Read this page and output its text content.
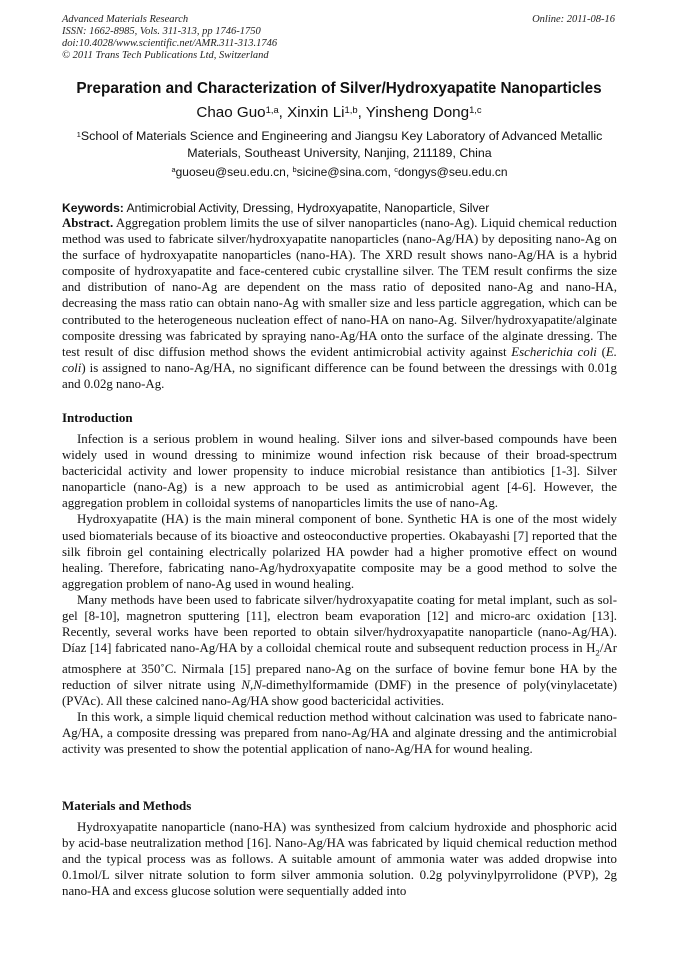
Advanced Materials Research
ISSN: 1662-8985, Vols. 311-313, pp 1746-1750
doi:10.4028/www.scientific.net/AMR.311-313.1746
© 2011 Trans Tech Publications Ltd, Switzerland
Online: 2011-08-16
Preparation and Characterization of Silver/Hydroxyapatite Nanoparticles
Chao Guo$^{1,a}$, Xinxin Li$^{1,b}$, Yinsheng Dong$^{1,c}$
$^1$School of Materials Science and Engineering and Jiangsu Key Laboratory of Advanced Metallic Materials, Southeast University, Nanjing, 211189, China
$^a$guoseu@seu.edu.cn, $^b$sicine@sina.com, $^c$dongys@seu.edu.cn
Keywords: Antimicrobial Activity, Dressing, Hydroxyapatite, Nanoparticle, Silver

Abstract. Aggregation problem limits the use of silver nanoparticles (nano-Ag). Liquid chemical reduction method was used to fabricate silver/hydroxyapatite nanoparticles (nano-Ag/HA) by depositing nano-Ag on the surface of hydroxyapatite nanoparticles (nano-HA). The XRD result shows nano-Ag/HA is a hybrid composite of hydroxyapatite and face-centered cubic crystalline silver. The TEM result confirms the size and distribution of nano-Ag are dependent on the mass ratio of deposited nano-Ag and nano-HA, decreasing the mass ratio can obtain nano-Ag with smaller size and less particle aggregation, which can be contributed to the heterogeneous nucleation effect of nano-HA on nano-Ag. Silver/hydroxyapatite/alginate composite dressing was fabricated by spraying nano-Ag/HA onto the surface of the alginate dressing. The test result of disc diffusion method shows the evident antimicrobial activity against Escherichia coli (E. coli) is assigned to nano-Ag/HA, no significant difference can be found between the dressings with 0.01g and 0.02g nano-Ag.

Introduction

Infection is a serious problem in wound healing. Silver ions and silver-based compounds have been widely used in wound dressing to minimize wound infection risk because of their broad-spectrum bactericidal activity and lower propensity to induce microbial resistance than antibiotics [1-3]. Silver nanoparticle (nano-Ag) is a new approach to be used as antimicrobial agent [4-6]. However, the aggregation problem in colloidal systems of nanoparticles limits the use of nano-Ag.

Hydroxyapatite (HA) is the main mineral component of bone. Synthetic HA is one of the most widely used biomaterials because of its bioactive and osteoconductive properties. Okabayashi [7] reported that the silk fibroin gel containing electrically polarized HA powder had a higher promotive effect on wound healing. Therefore, fabricating nano-Ag/hydroxyapatite composite may be a good method to solve the aggregation problem of nano-Ag used in wound healing.

Many methods have been used to fabricate silver/hydroxyapatite coating for metal implant, such as sol-gel [8-10], magnetron sputtering [11], electron beam evaporation [12] and micro-arc oxidation [13]. Recently, several works have been reported to obtain silver/hydroxyapatite nanoparticle (nano-Ag/HA). Díaz [14] fabricated nano-Ag/HA by a colloidal chemical route and subsequent reduction process in $H_2/Ar$ atmosphere at 350˚C. Nirmala [15] prepared nano-Ag on the surface of bovine femur bone HA by the reduction of silver nitrate using N,N-dimethylformamide (DMF) in the presence of poly(vinylacetate) (PVAc). All these calcined nano-Ag/HA show good bactericidal activities.

In this work, a simple liquid chemical reduction method without calcination was used to fabricate nano-Ag/HA, a composite dressing was prepared from nano-Ag/HA and alginate dressing and the antimicrobial activity was presented to show the potential application of nano-Ag/HA for wound healing.

Materials and Methods

Hydroxyapatite nanoparticle (nano-HA) was synthesized from calcium hydroxide and phosphoric acid by acid-base neutralization method [16]. Nano-Ag/HA was fabricated by liquid chemical reduction method and the typical process was as follows. A suitable amount of ammonia water was added dropwise into 0.1mol/L silver nitrate solution to form silver ammonia solution. 0.2g polyvinylpyrrolidone (PVP), 2g nano-HA and excess glucose solution were sequentially added into
